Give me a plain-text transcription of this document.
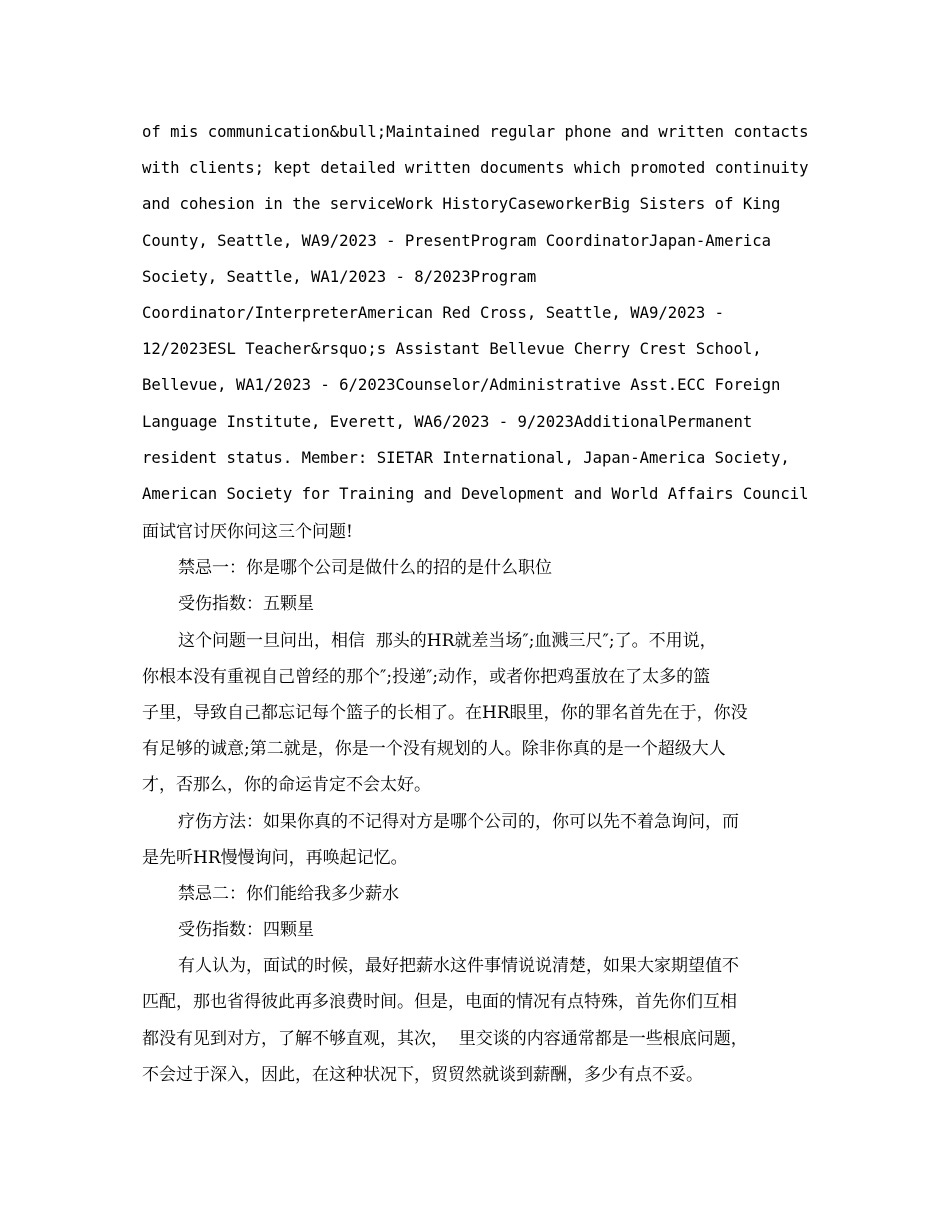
of mis communication&bull;Maintained regular phone and written contacts
with clients; kept detailed written documents which promoted continuity
and cohesion in the serviceWork HistoryCaseworkerBig Sisters of King
County, Seattle, WA9/2023 - PresentProgram CoordinatorJapan-America
Society, Seattle, WA1/2023 - 8/2023Program
Coordinator/InterpreterAmerican Red Cross, Seattle, WA9/2023 -
12/2023ESL Teacher&rsquo;s Assistant Bellevue Cherry Crest School,
Bellevue, WA1/2023 - 6/2023Counselor/Administrative Asst.ECC Foreign
Language Institute, Everett, WA6/2023 - 9/2023AdditionalPermanent
resident status. Member: SIETAR International, Japan-America Society,
American Society for Training and Development and World Affairs Council
面试官讨厌你问这三个问题!
禁忌一：你是哪个公司是做什么的招的是什么职位
受伤指数：五颗星
这个问题一旦问出，相信  那头的HR就差当场″;血溅三尺″;了。不用说，
你根本没有重视自己曾经的那个″;投递″;动作，或者你把鸡蛋放在了太多的篮
子里，导致自己都忘记每个篮子的长相了。在HR眼里，你的罪名首先在于，你没
有足够的诚意;第二就是，你是一个没有规划的人。除非你真的是一个超级大人
才，否那么，你的命运肯定不会太好。
疗伤方法：如果你真的不记得对方是哪个公司的，你可以先不着急询问，而
是先听HR慢慢询问，再唤起记忆。
禁忌二：你们能给我多少薪水
受伤指数：四颗星
有人认为，面试的时候，最好把薪水这件事情说说清楚，如果大家期望值不
匹配，那也省得彼此再多浪费时间。但是，电面的情况有点特殊，首先你们互相
都没有见到对方，了解不够直观，其次，  里交谈的内容通常都是一些根底问题，
不会过于深入，因此，在这种状况下，贸贸然就谈到薪酬，多少有点不妥。
